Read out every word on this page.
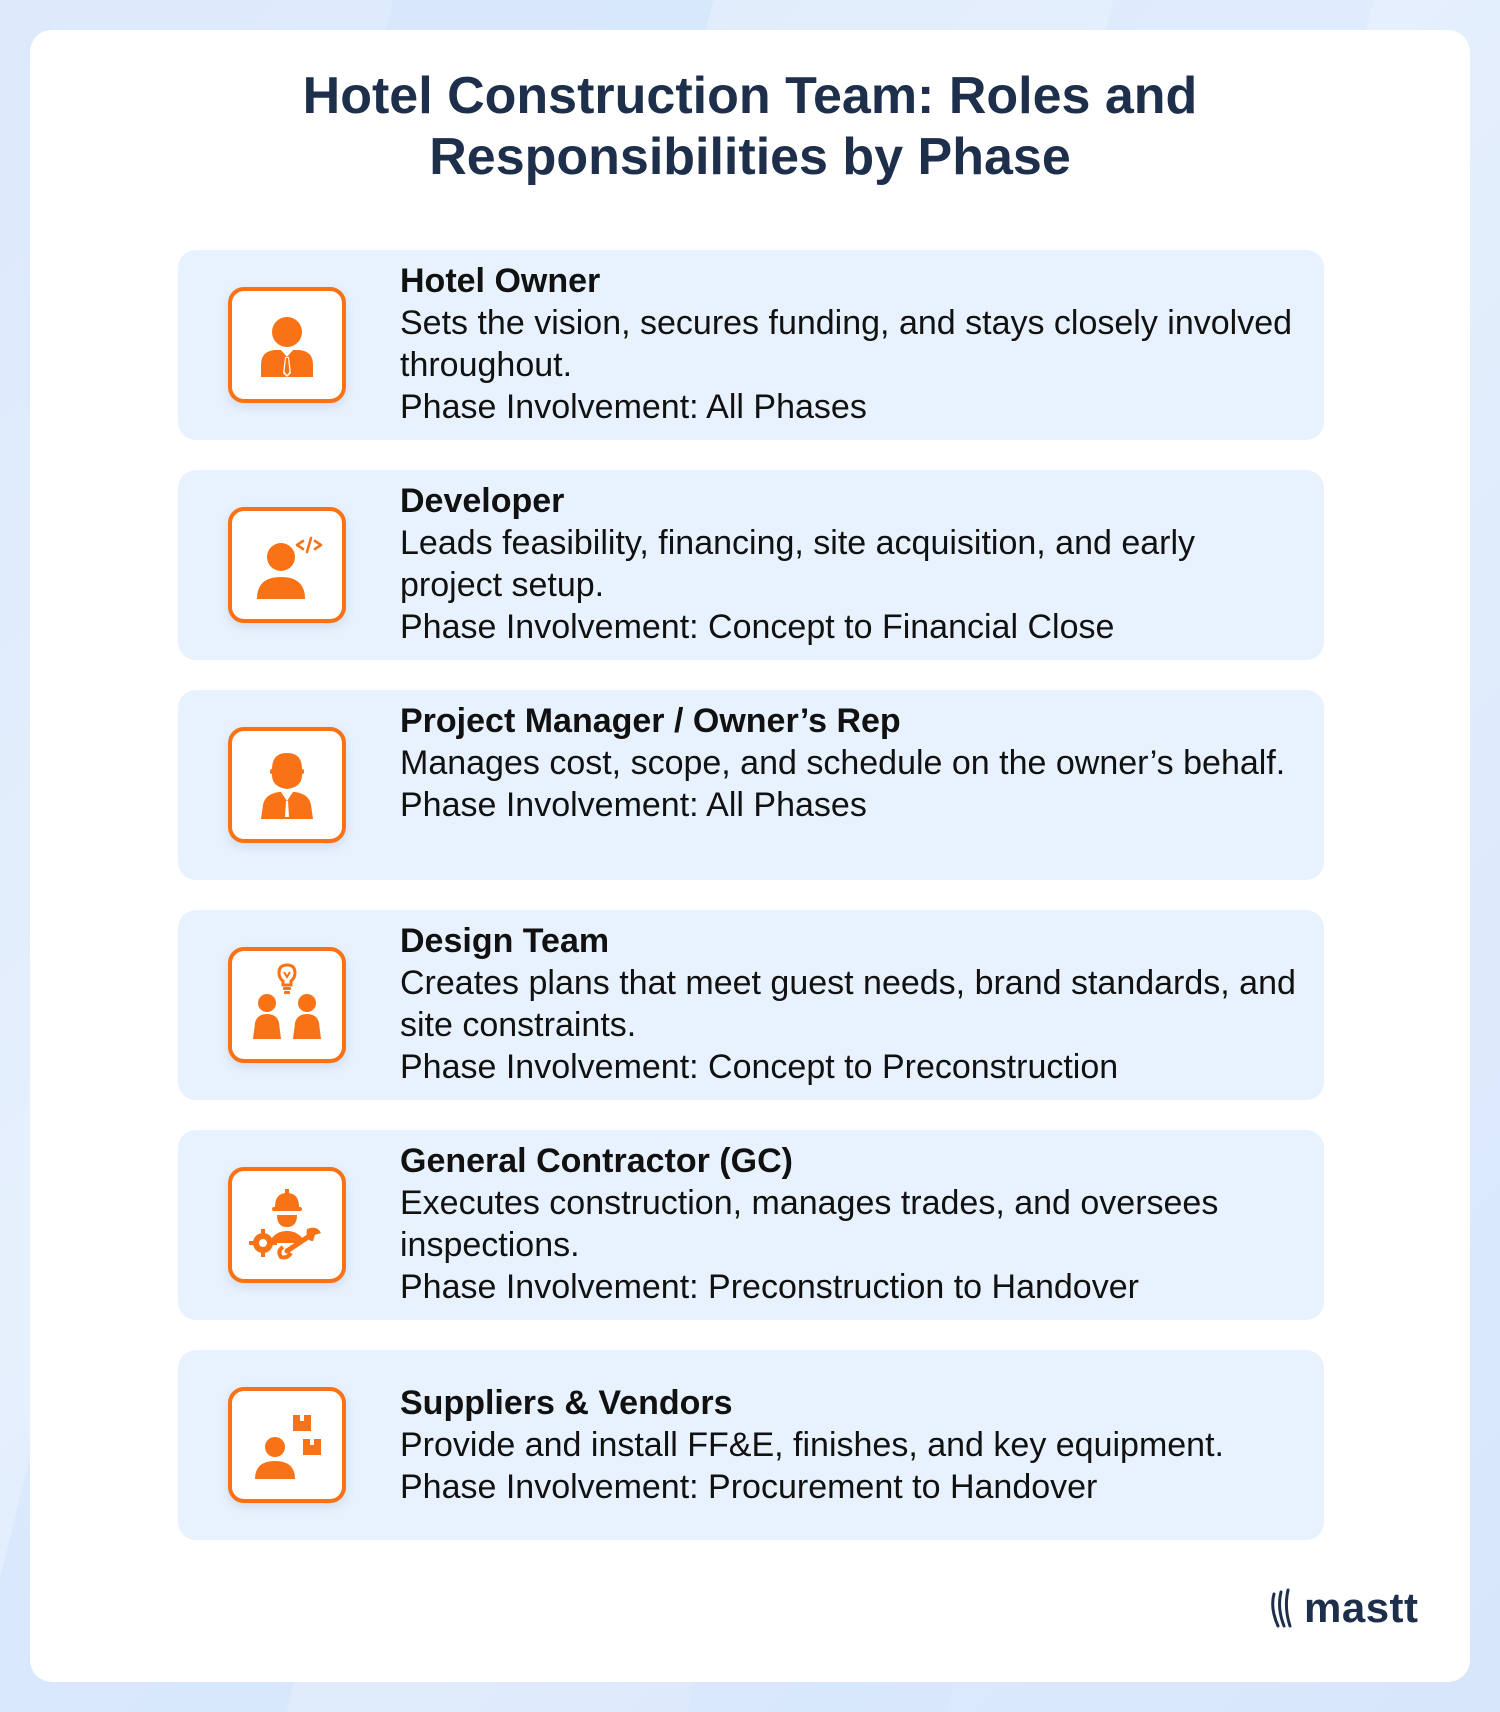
Hotel Construction Team: Roles and
Responsibilities by Phase
Hotel Owner
Sets the vision, secures funding, and stays closely involved throughout.
Phase Involvement: All Phases
Developer
Leads feasibility, financing, site acquisition, and early project setup.
Phase Involvement: Concept to Financial Close
Project Manager / Owner’s Rep
Manages cost, scope, and schedule on the owner’s behalf.
Phase Involvement: All Phases
Design Team
Creates plans that meet guest needs, brand standards, and site constraints.
Phase Involvement: Concept to Preconstruction
General Contractor (GC)
Executes construction, manages trades, and oversees inspections.
Phase Involvement: Preconstruction to Handover
Suppliers & Vendors
Provide and install FF&E, finishes, and key equipment.
Phase Involvement: Procurement to Handover
mastt
